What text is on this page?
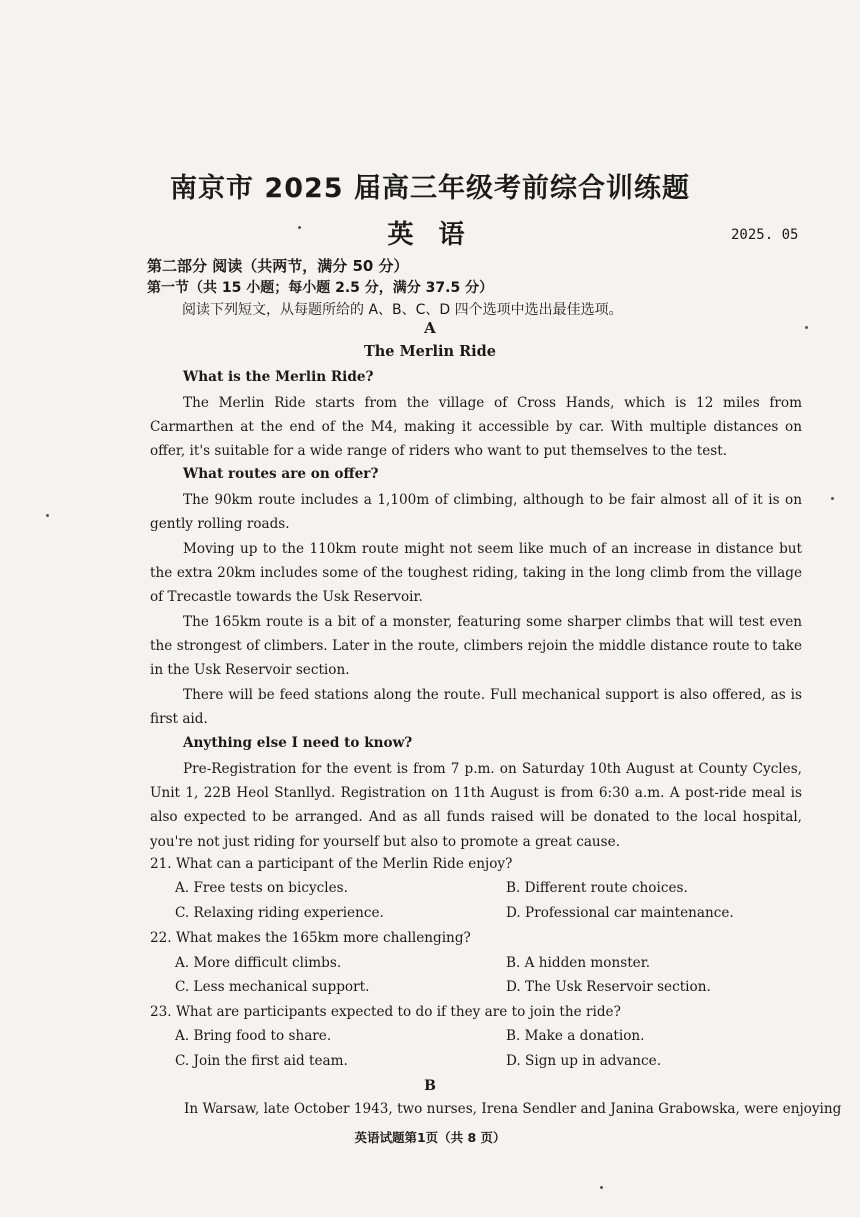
南京市 2025 届高三年级考前综合训练题
英 语	2025. 05
第二部分 阅读（共两节，满分 50 分）
第一节（共 15 小题；每小题 2.5 分，满分 37.5 分）
阅读下列短文，从每题所给的 A、B、C、D 四个选项中选出最佳选项。
A
The Merlin Ride
What is the Merlin Ride?
The Merlin Ride starts from the village of Cross Hands, which is 12 miles from Carmarthen at the end of the M4, making it accessible by car. With multiple distances on offer, it's suitable for a wide range of riders who want to put themselves to the test.
What routes are on offer?
The 90km route includes a 1,100m of climbing, although to be fair almost all of it is on gently rolling roads.
Moving up to the 110km route might not seem like much of an increase in distance but the extra 20km includes some of the toughest riding, taking in the long climb from the village of Trecastle towards the Usk Reservoir.
The 165km route is a bit of a monster, featuring some sharper climbs that will test even the strongest of climbers. Later in the route, climbers rejoin the middle distance route to take in the Usk Reservoir section.
There will be feed stations along the route. Full mechanical support is also offered, as is first aid.
Anything else I need to know?
Pre-Registration for the event is from 7 p.m. on Saturday 10th August at County Cycles, Unit 1, 22B Heol Stanllyd. Registration on 11th August is from 6:30 a.m. A post-ride meal is also expected to be arranged. And as all funds raised will be donated to the local hospital, you're not just riding for yourself but also to promote a great cause.
21. What can a participant of the Merlin Ride enjoy?
A. Free tests on bicycles.	B. Different route choices.
C. Relaxing riding experience.	D. Professional car maintenance.
22. What makes the 165km more challenging?
A. More difficult climbs.	B. A hidden monster.
C. Less mechanical support.	D. The Usk Reservoir section.
23. What are participants expected to do if they are to join the ride?
A. Bring food to share.	B. Make a donation.
C. Join the first aid team.	D. Sign up in advance.
B
In Warsaw, late October 1943, two nurses, Irena Sendler and Janina Grabowska, were enjoying
英语试题第1页（共 8 页）
